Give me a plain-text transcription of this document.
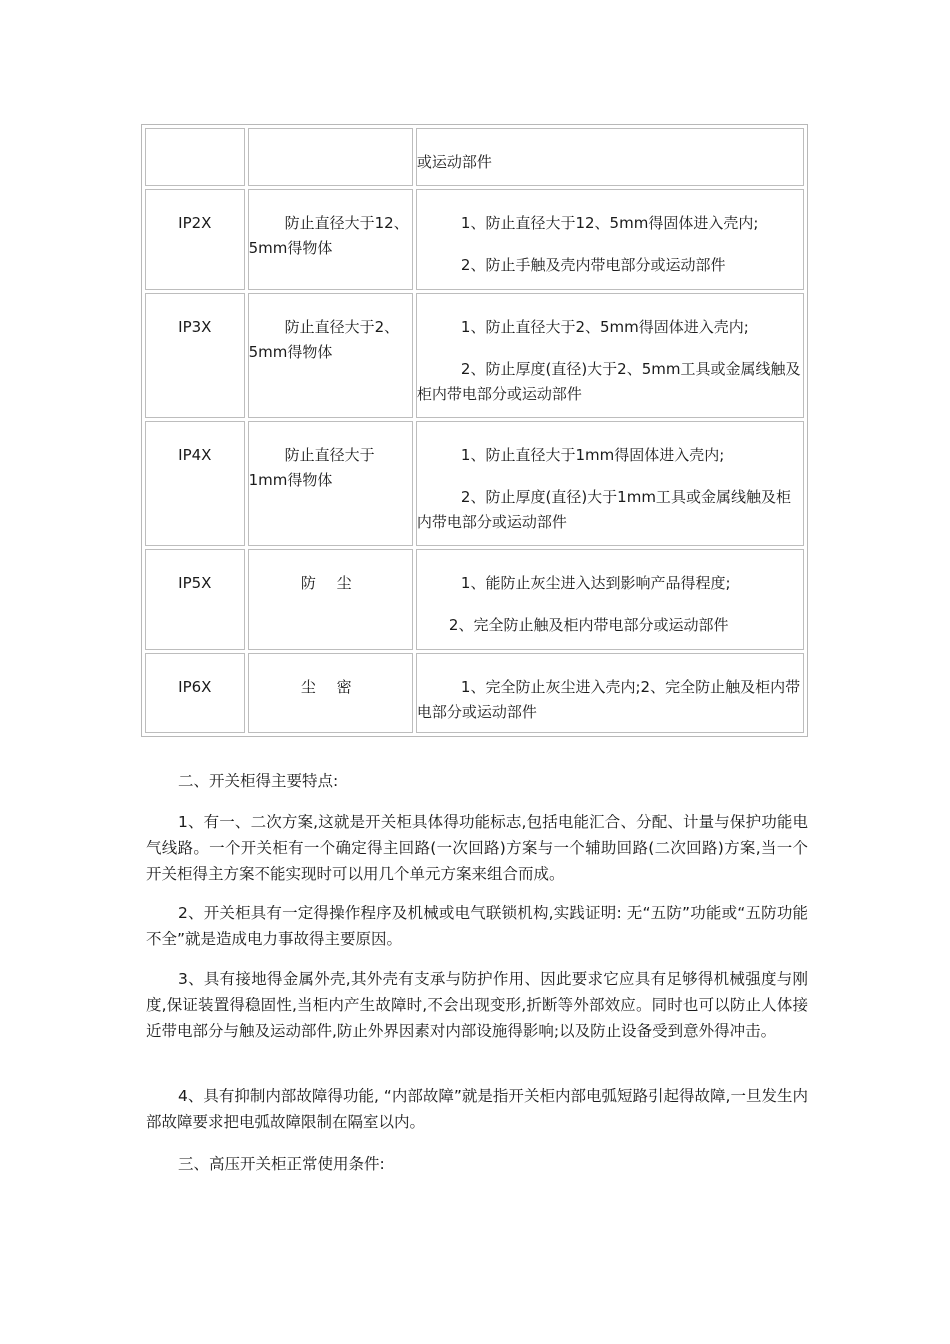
		或运动部件

IP2X	防止直径大于12、5mm得物体	1、防止直径大于12、5mm得固体进入壳内;
2、防止手触及壳内带电部分或运动部件

IP3X	防止直径大于2、5mm得物体	1、防止直径大于2、5mm得固体进入壳内;
2、防止厚度(直径)大于2、5mm工具或金属线触及柜内带电部分或运动部件

IP4X	防止直径大于1mm得物体	1、防止直径大于1mm得固体进入壳内;
2、防止厚度(直径)大于1mm工具或金属线触及柜内带电部分或运动部件

IP5X	防 尘	1、能防止灰尘进入达到影响产品得程度;
2、完全防止触及柜内带电部分或运动部件

IP6X	尘 密	1、完全防止灰尘进入壳内;2、完全防止触及柜内带电部分或运动部件

二、开关柜得主要特点:

1、有一、二次方案,这就是开关柜具体得功能标志,包括电能汇合、分配、计量与保护功能电气线路。一个开关柜有一个确定得主回路(一次回路)方案与一个辅助回路(二次回路)方案,当一个开关柜得主方案不能实现时可以用几个单元方案来组合而成。

2、开关柜具有一定得操作程序及机械或电气联锁机构,实践证明: 无“五防”功能或“五防功能不全”就是造成电力事故得主要原因。

3、具有接地得金属外壳,其外壳有支承与防护作用、因此要求它应具有足够得机械强度与刚度,保证装置得稳固性,当柜内产生故障时,不会出现变形,折断等外部效应。同时也可以防止人体接近带电部分与触及运动部件,防止外界因素对内部设施得影响;以及防止设备受到意外得冲击。

4、具有抑制内部故障得功能, “内部故障”就是指开关柜内部电弧短路引起得故障,一旦发生内部故障要求把电弧故障限制在隔室以内。

三、高压开关柜正常使用条件:
